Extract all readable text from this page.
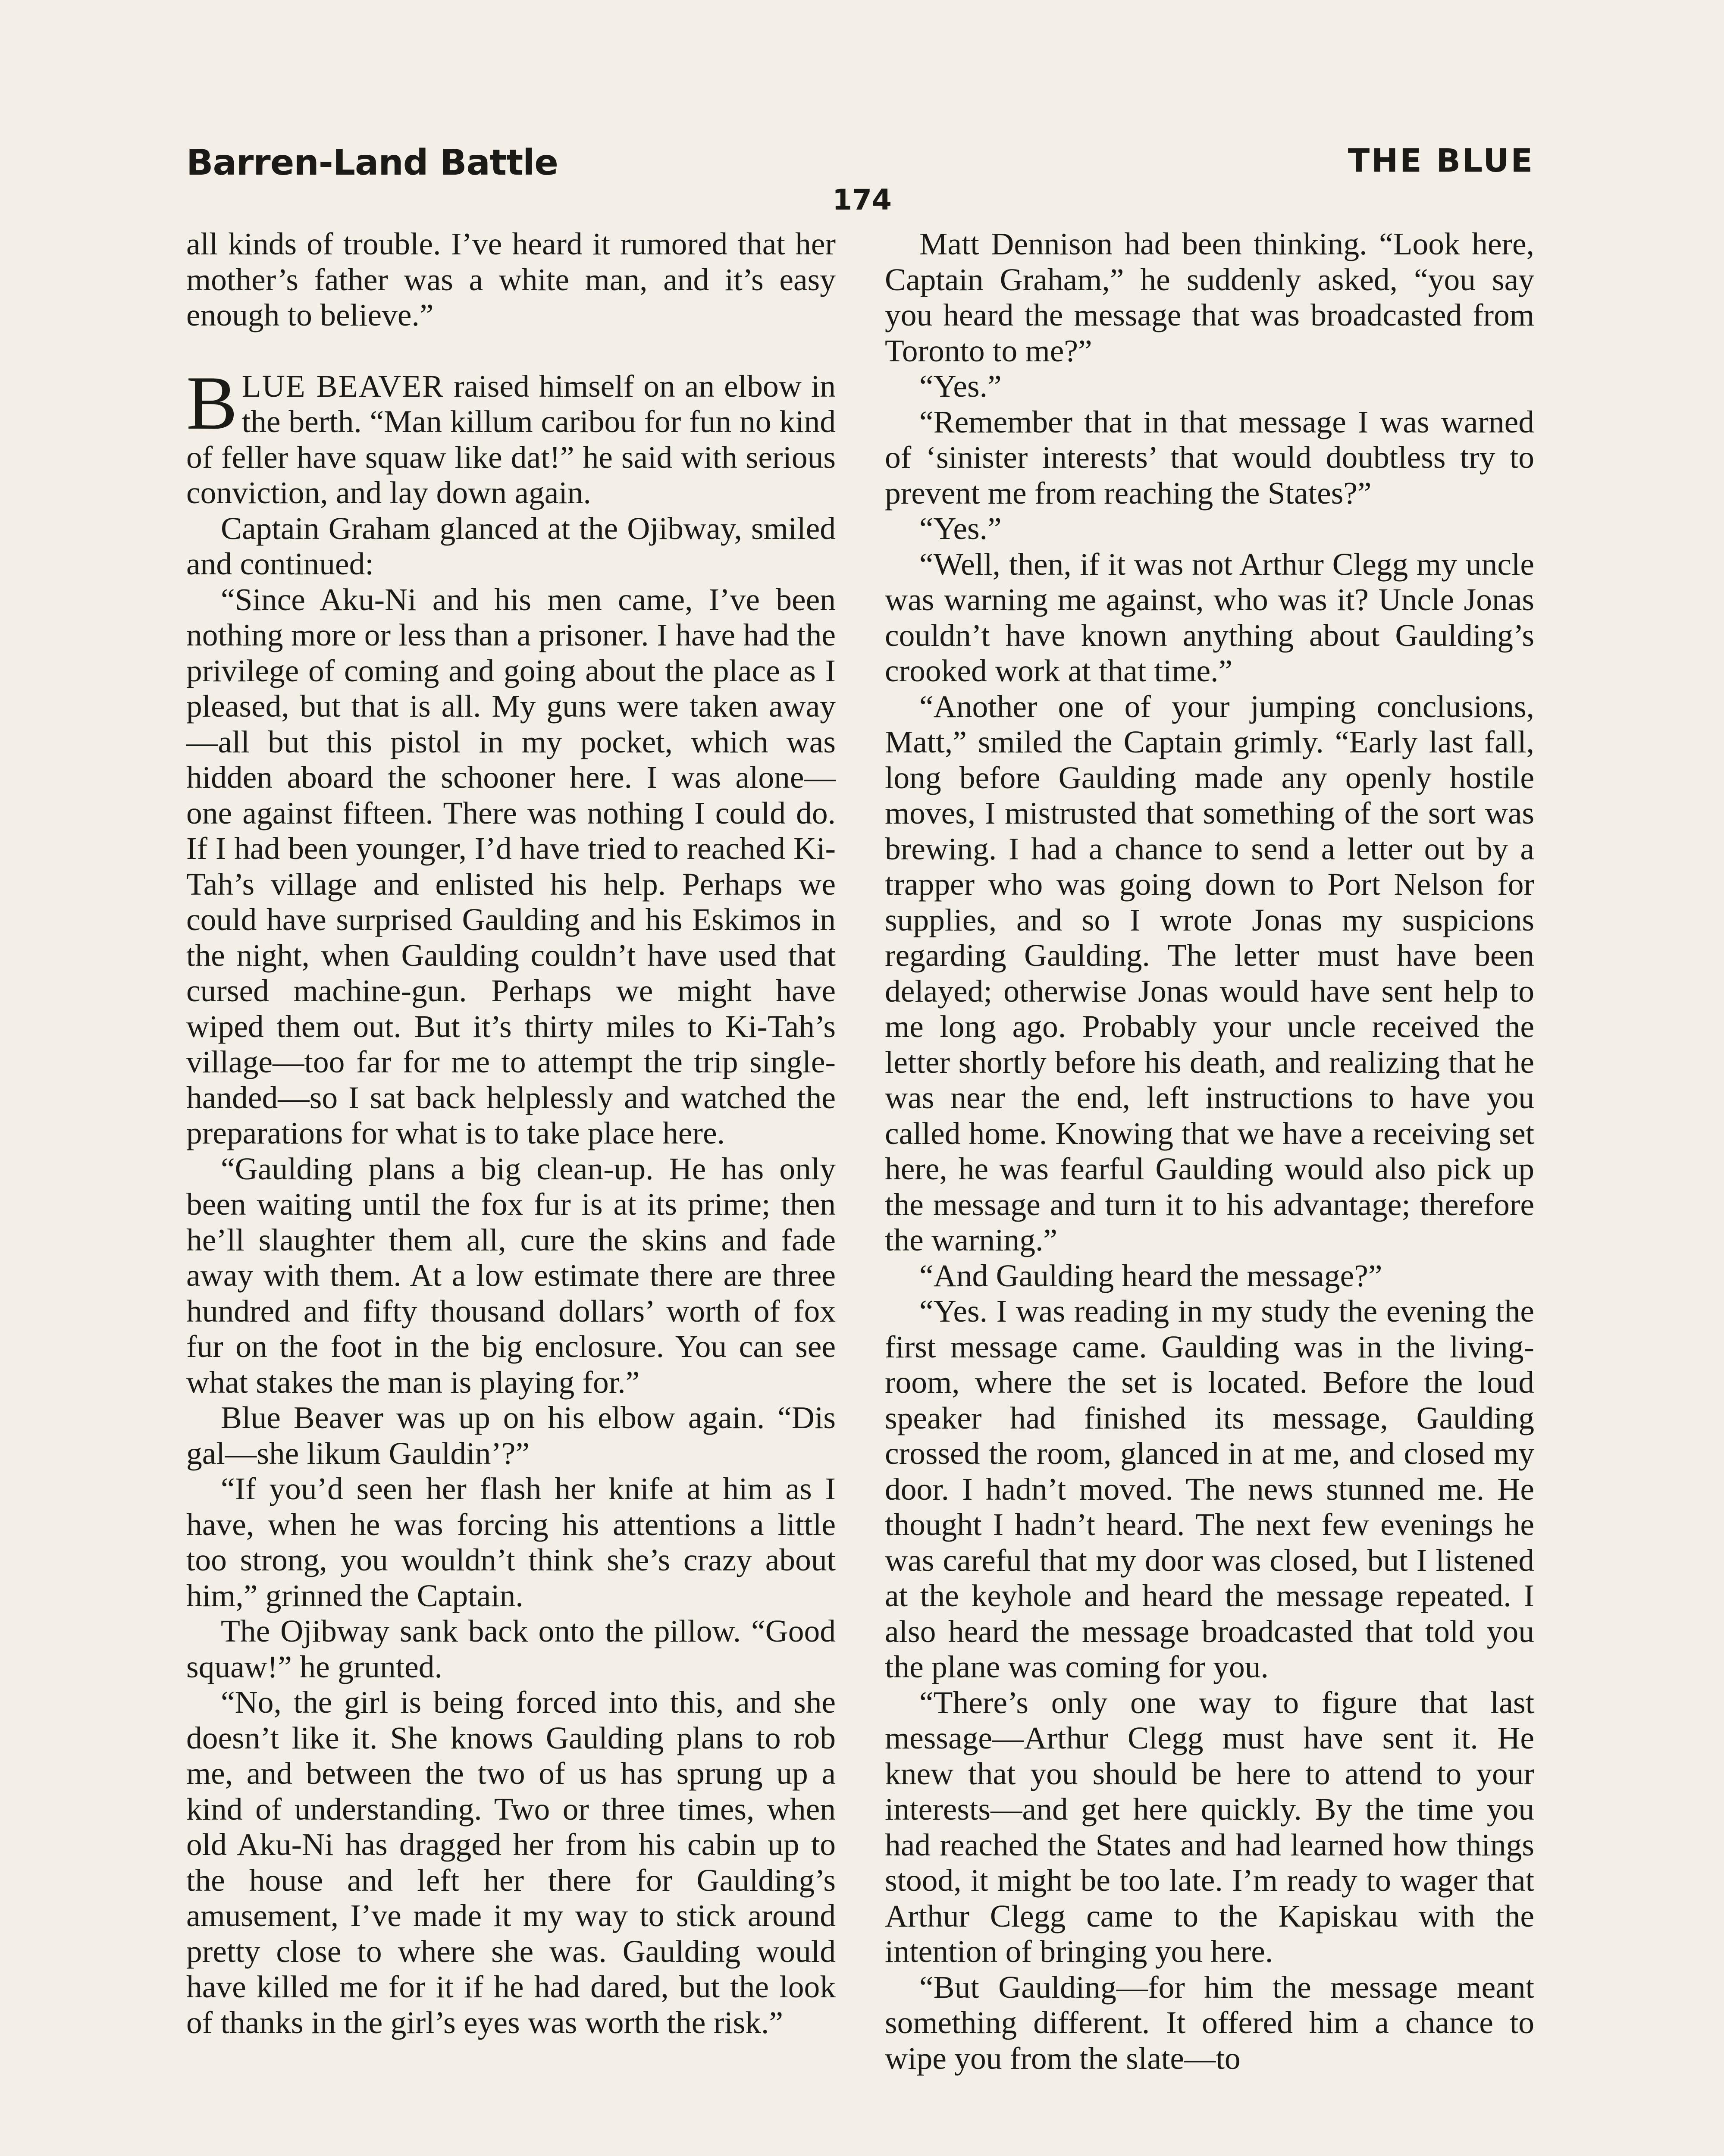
Barren-Land Battle	THE BLUE
174

all kinds of trouble. I’ve heard it rumored that her mother’s father was a white man, and it’s easy enough to believe.”

BLUE BEAVER raised himself on an elbow in the berth. “Man killum caribou for fun no kind of feller have squaw like dat!” he said with serious conviction, and lay down again.

Captain Graham glanced at the Ojibway, smiled and continued:

“Since Aku-Ni and his men came, I’ve been nothing more or less than a prisoner. I have had the privilege of coming and going about the place as I pleased, but that is all. My guns were taken away—all but this pistol in my pocket, which was hidden aboard the schooner here. I was alone—one against fifteen. There was nothing I could do. If I had been younger, I’d have tried to reached Ki-Tah’s village and enlisted his help. Perhaps we could have surprised Gaulding and his Eskimos in the night, when Gaulding couldn’t have used that cursed machine-gun. Perhaps we might have wiped them out. But it’s thirty miles to Ki-Tah’s village—too far for me to attempt the trip single-handed—so I sat back helplessly and watched the preparations for what is to take place here.

“Gaulding plans a big clean-up. He has only been waiting until the fox fur is at its prime; then he’ll slaughter them all, cure the skins and fade away with them. At a low estimate there are three hundred and fifty thousand dollars’ worth of fox fur on the foot in the big enclosure. You can see what stakes the man is playing for.”

Blue Beaver was up on his elbow again. “Dis gal—she likum Gauldin’?”

“If you’d seen her flash her knife at him as I have, when he was forcing his attentions a little too strong, you wouldn’t think she’s crazy about him,” grinned the Captain.

The Ojibway sank back onto the pillow. “Good squaw!” he grunted.

“No, the girl is being forced into this, and she doesn’t like it. She knows Gaulding plans to rob me, and between the two of us has sprung up a kind of understanding. Two or three times, when old Aku-Ni has dragged her from his cabin up to the house and left her there for Gaulding’s amusement, I’ve made it my way to stick around pretty close to where she was. Gaulding would have killed me for it if he had dared, but the look of thanks in the girl’s eyes was worth the risk.”

Matt Dennison had been thinking. “Look here, Captain Graham,” he suddenly asked, “you say you heard the message that was broadcasted from Toronto to me?”

“Yes.”

“Remember that in that message I was warned of ‘sinister interests’ that would doubtless try to prevent me from reaching the States?”

“Yes.”

“Well, then, if it was not Arthur Clegg my uncle was warning me against, who was it? Uncle Jonas couldn’t have known anything about Gaulding’s crooked work at that time.”

“Another one of your jumping conclusions, Matt,” smiled the Captain grimly. “Early last fall, long before Gaulding made any openly hostile moves, I mistrusted that something of the sort was brewing. I had a chance to send a letter out by a trapper who was going down to Port Nelson for supplies, and so I wrote Jonas my suspicions regarding Gaulding. The letter must have been delayed; otherwise Jonas would have sent help to me long ago. Probably your uncle received the letter shortly before his death, and realizing that he was near the end, left instructions to have you called home. Knowing that we have a receiving set here, he was fearful Gaulding would also pick up the message and turn it to his advantage; therefore the warning.”

“And Gaulding heard the message?”

“Yes. I was reading in my study the evening the first message came. Gaulding was in the living-room, where the set is located. Before the loud speaker had finished its message, Gaulding crossed the room, glanced in at me, and closed my door. I hadn’t moved. The news stunned me. He thought I hadn’t heard. The next few evenings he was careful that my door was closed, but I listened at the keyhole and heard the message repeated. I also heard the message broadcasted that told you the plane was coming for you.

“There’s only one way to figure that last message—Arthur Clegg must have sent it. He knew that you should be here to attend to your interests—and get here quickly. By the time you had reached the States and had learned how things stood, it might be too late. I’m ready to wager that Arthur Clegg came to the Kapiskau with the intention of bringing you here.

“But Gaulding—for him the message meant something different. It offered him a chance to wipe you from the slate—to
